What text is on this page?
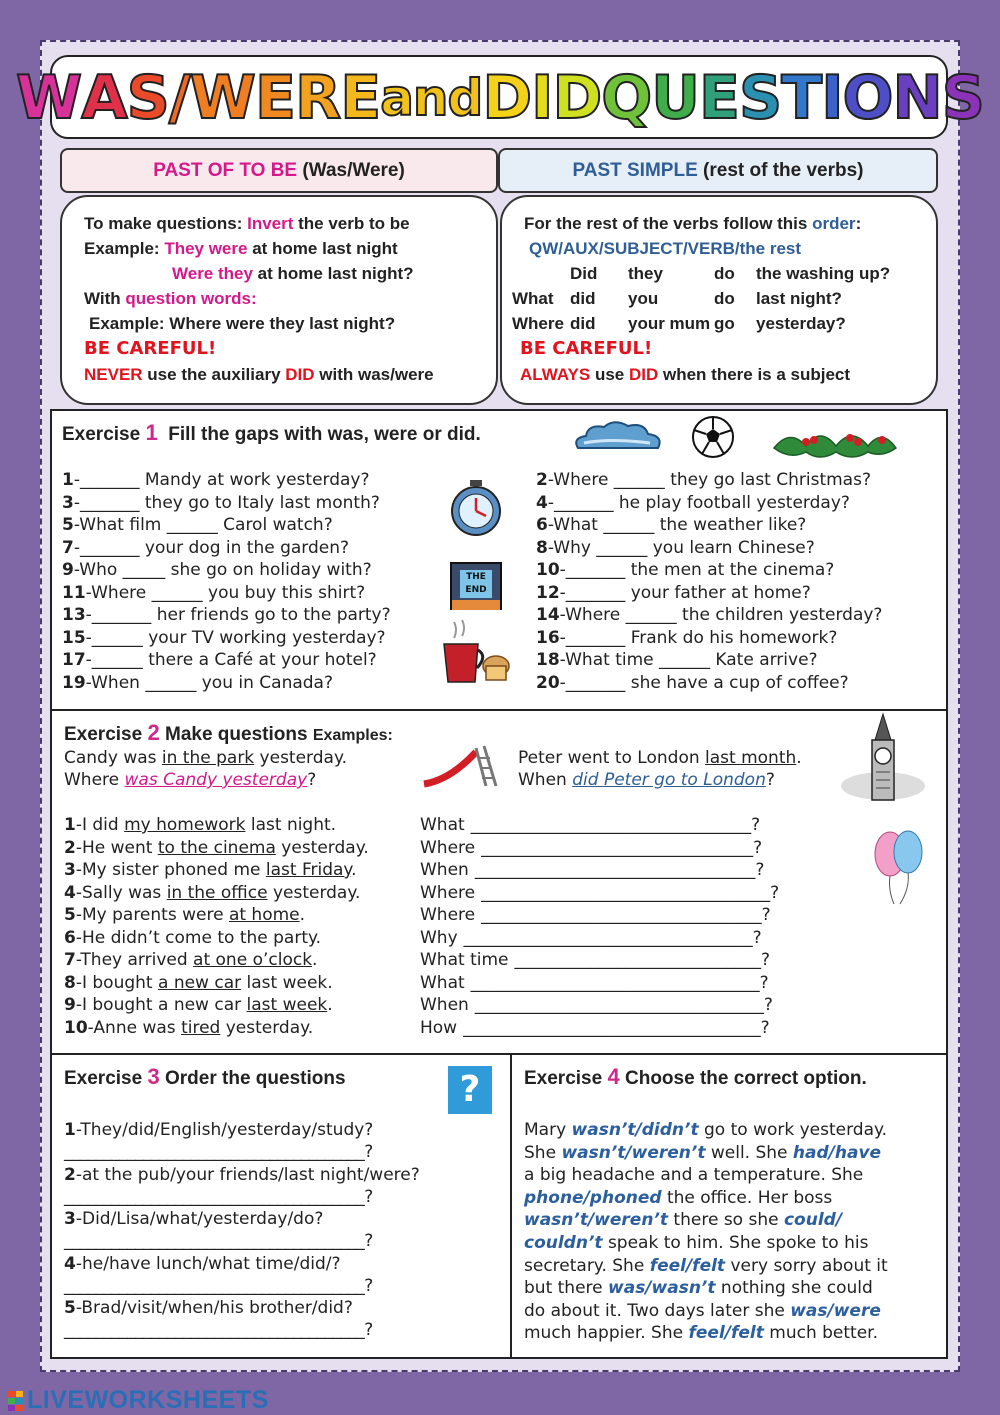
W A S / W E R E and D I D Q U E S T I O N S
PAST OF TO BE (Was/Were)	PAST SIMPLE (rest of the verbs)
To make questions: Invert the verb to be
Example: They were at home last night
Were they at home last night?
With question words:
Example: Where were they last night?
BE CAREFUL!
NEVER use the auxiliary DID with was/were
For the rest of the verbs follow this order:
QW/AUX/SUBJECT/VERB/the rest
Did they	do the washing up?
What did you	do last night?
Where did your mum go yesterday?
BE CAREFUL!
ALWAYS use DID when there is a subject
Exercise 1  Fill the gaps with was, were or did.
1-_______ Mandy at work yesterday?
3-_______ they go to Italy last month?
5-What film ______ Carol watch?
7-_______ your dog in the garden?
9-Who _____ she go on holiday with?
11-Where ______ you buy this shirt?
13-_______ her friends go to the party?
15-______ your TV working yesterday?
17-______ there a Café at your hotel?
19-When ______ you in Canada?
2-Where ______ they go last Christmas?
4-_______ he play football yesterday?
6-What ______ the weather like?
8-Why ______ you learn Chinese?
10-_______ the men at the cinema?
12-_______ your father at home?
14-Where ______ the children yesterday?
16-_______ Frank do his homework?
18-What time ______ Kate arrive?
20-_______ she have a cup of coffee?
THE END
Exercise 2 Make questions Examples:
Candy was in the park yesterday.
Where was Candy yesterday?
Peter went to London last month.
When did Peter go to London?
1-I did my homework last night.	What _________________________________?
2-He went to the cinema yesterday.	Where ________________________________?
3-My sister phoned me last Friday.	When _________________________________?
4-Sally was in the office yesterday.	Where __________________________________?
5-My parents were at home.	Where _________________________________?
6-He didn’t come to the party.	Why __________________________________?
7-They arrived at one o’clock.	What time _____________________________?
8-I bought a new car last week.	What __________________________________?
9-I bought a new car last week.	When __________________________________?
10-Anne was tired yesterday.	How ___________________________________?
Exercise 3 Order the questions	?
1-They/did/English/yesterday/study?
______________________________________?
2-at the pub/your friends/last night/were?
______________________________________?
3-Did/Lisa/what/yesterday/do?
______________________________________?
4-he/have lunch/what time/did/?
______________________________________?
5-Brad/visit/when/his brother/did?
______________________________________?
Exercise 4 Choose the correct option.
Mary wasn’t/didn’t go to work yesterday.
She wasn’t/weren’t well. She had/have
a big headache and a temperature. She
phone/phoned the office. Her boss
wasn’t/weren’t there so she could/
couldn’t speak to him. She spoke to his
secretary. She feel/felt very sorry about it
but there was/wasn’t nothing she could
do about it. Two days later she was/were
much happier. She feel/felt much better.
LIVEWORKSHEETS
